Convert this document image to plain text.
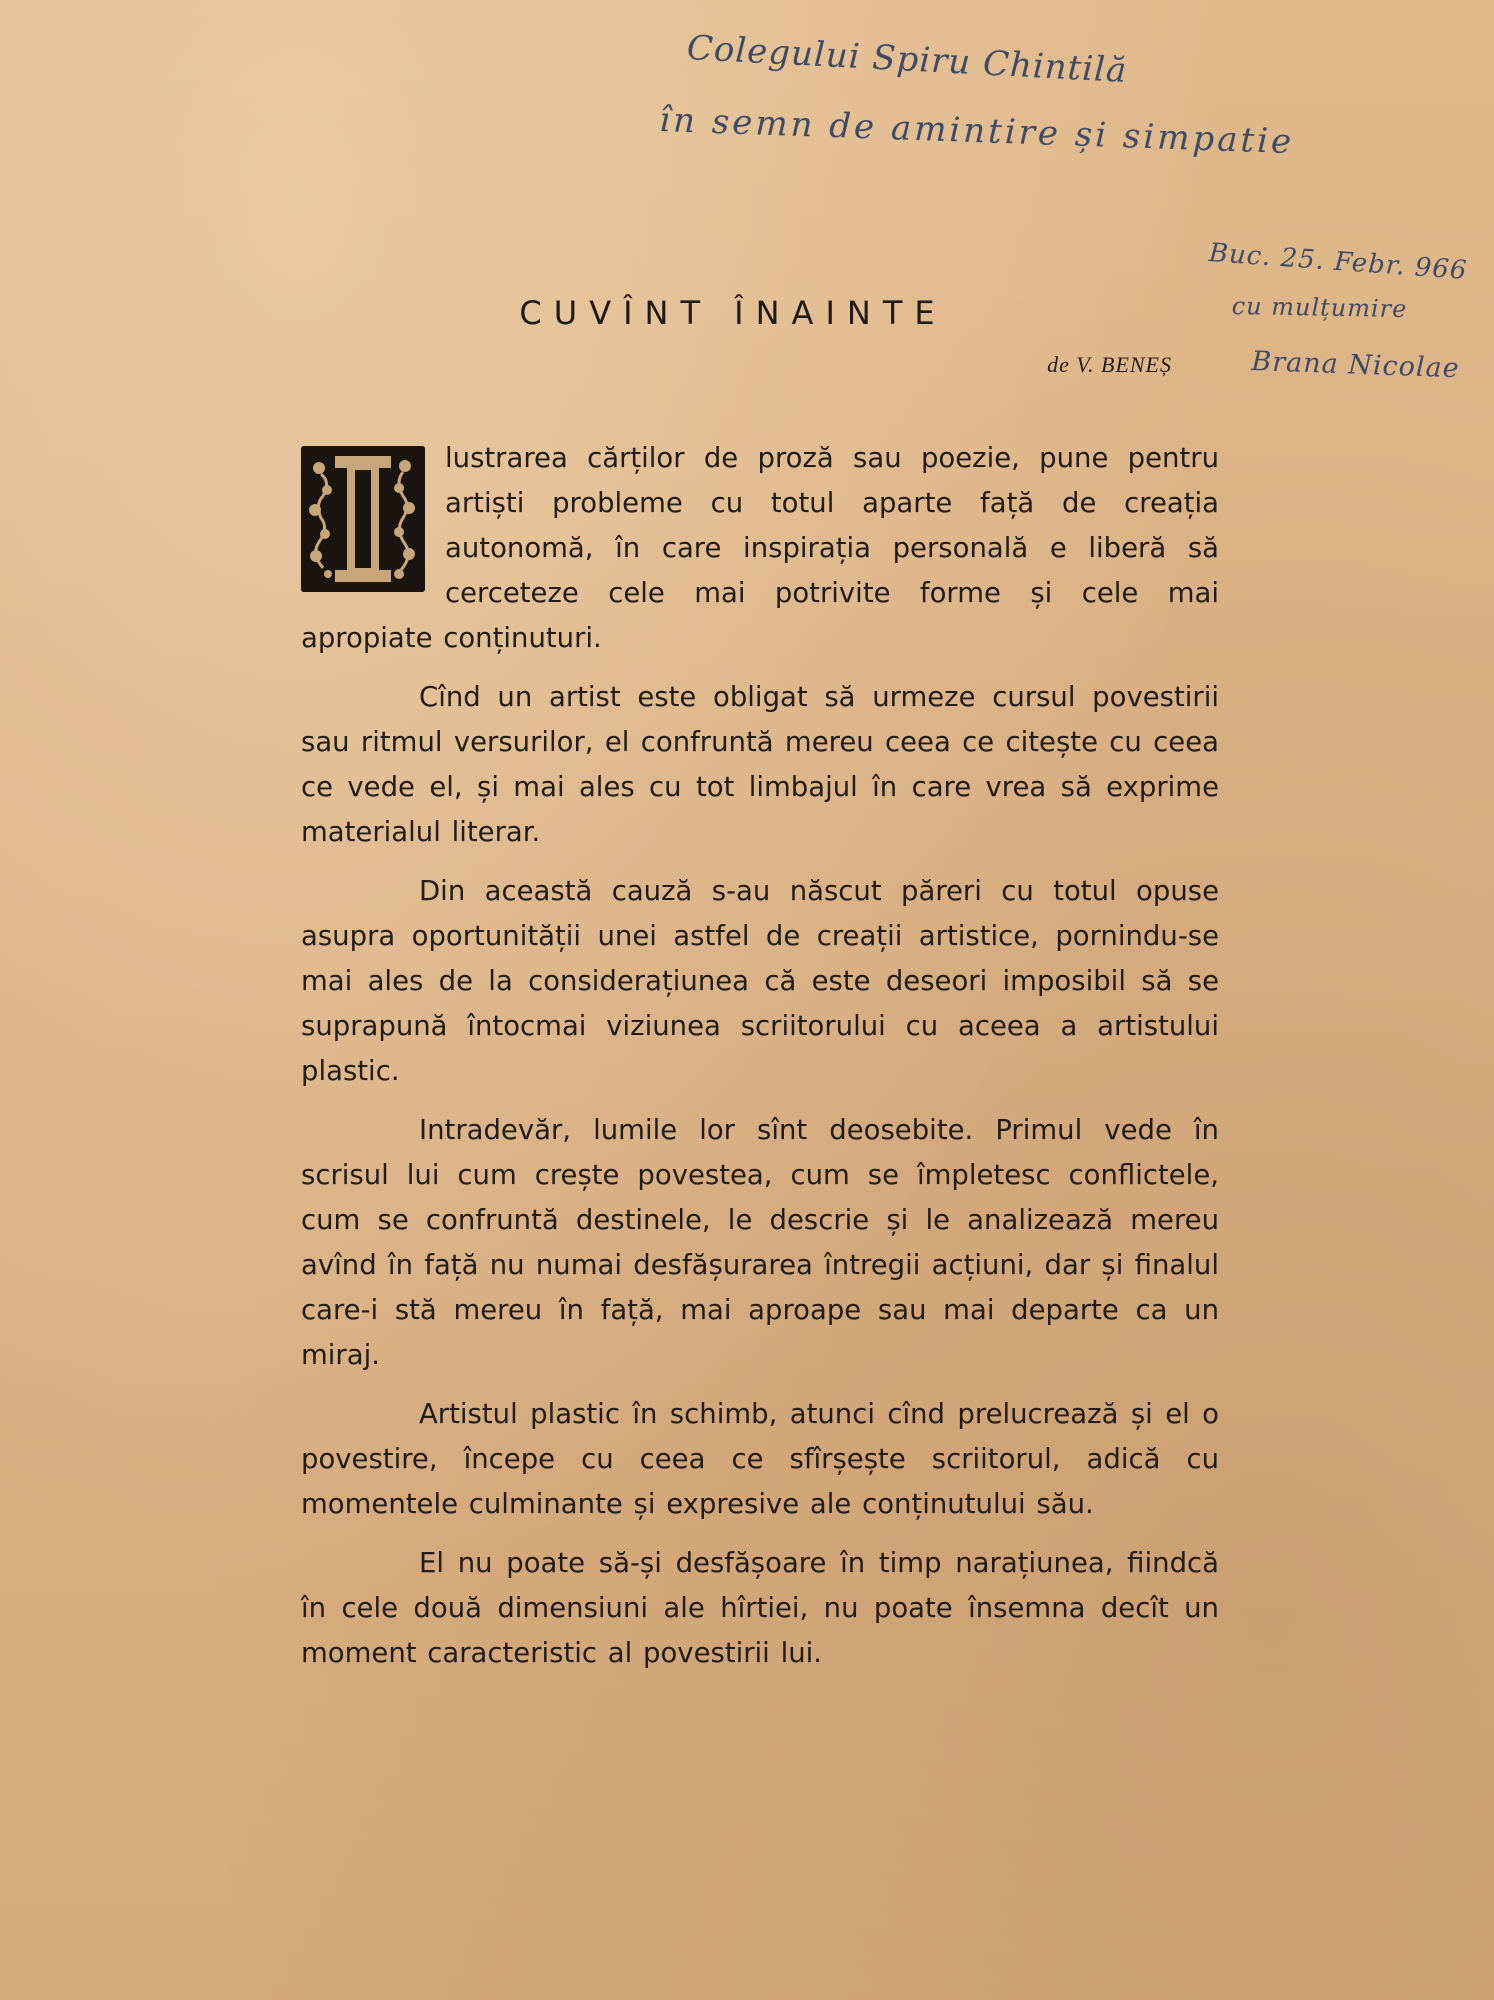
Colegului Spiru Chintilă
în semn de amintire și simpatie
Buc. 25. Febr. 966
cu mulțumire
Brana Nicolae
CUVÎNT ÎNAINTE
de V. BENEȘ

lustrarea cărților de proză sau poezie, pune pentru artiști probleme cu totul aparte față de creația autonomă, în care inspirația personală e liberă să cerceteze cele mai potrivite forme și cele mai apropiate conținuturi.

Cînd un artist este obligat să urmeze cursul povestirii sau ritmul versurilor, el confruntă mereu ceea ce citește cu ceea ce vede el, și mai ales cu tot limbajul în care vrea să exprime materialul literar.

Din această cauză s-au născut păreri cu totul opuse asupra oportunității unei astfel de creații artistice, pornindu-se mai ales de la considerațiunea că este deseori imposibil să se suprapună întocmai viziunea scriitorului cu aceea a artistului plastic.

Intradevăr, lumile lor sînt deosebite. Primul vede în scrisul lui cum crește povestea, cum se împletesc conflictele, cum se confruntă destinele, le descrie și le analizează mereu avînd în față nu numai desfășurarea întregii acțiuni, dar și finalul care-i stă mereu în față, mai aproape sau mai departe ca un miraj.

Artistul plastic în schimb, atunci cînd prelucrează și el o povestire, începe cu ceea ce sfîrșește scriitorul, adică cu momentele culminante și expresive ale conținutului său.

El nu poate să-și desfășoare în timp narațiunea, fiindcă în cele două dimensiuni ale hîrtiei, nu poate însemna decît un moment caracteristic al povestirii lui.
